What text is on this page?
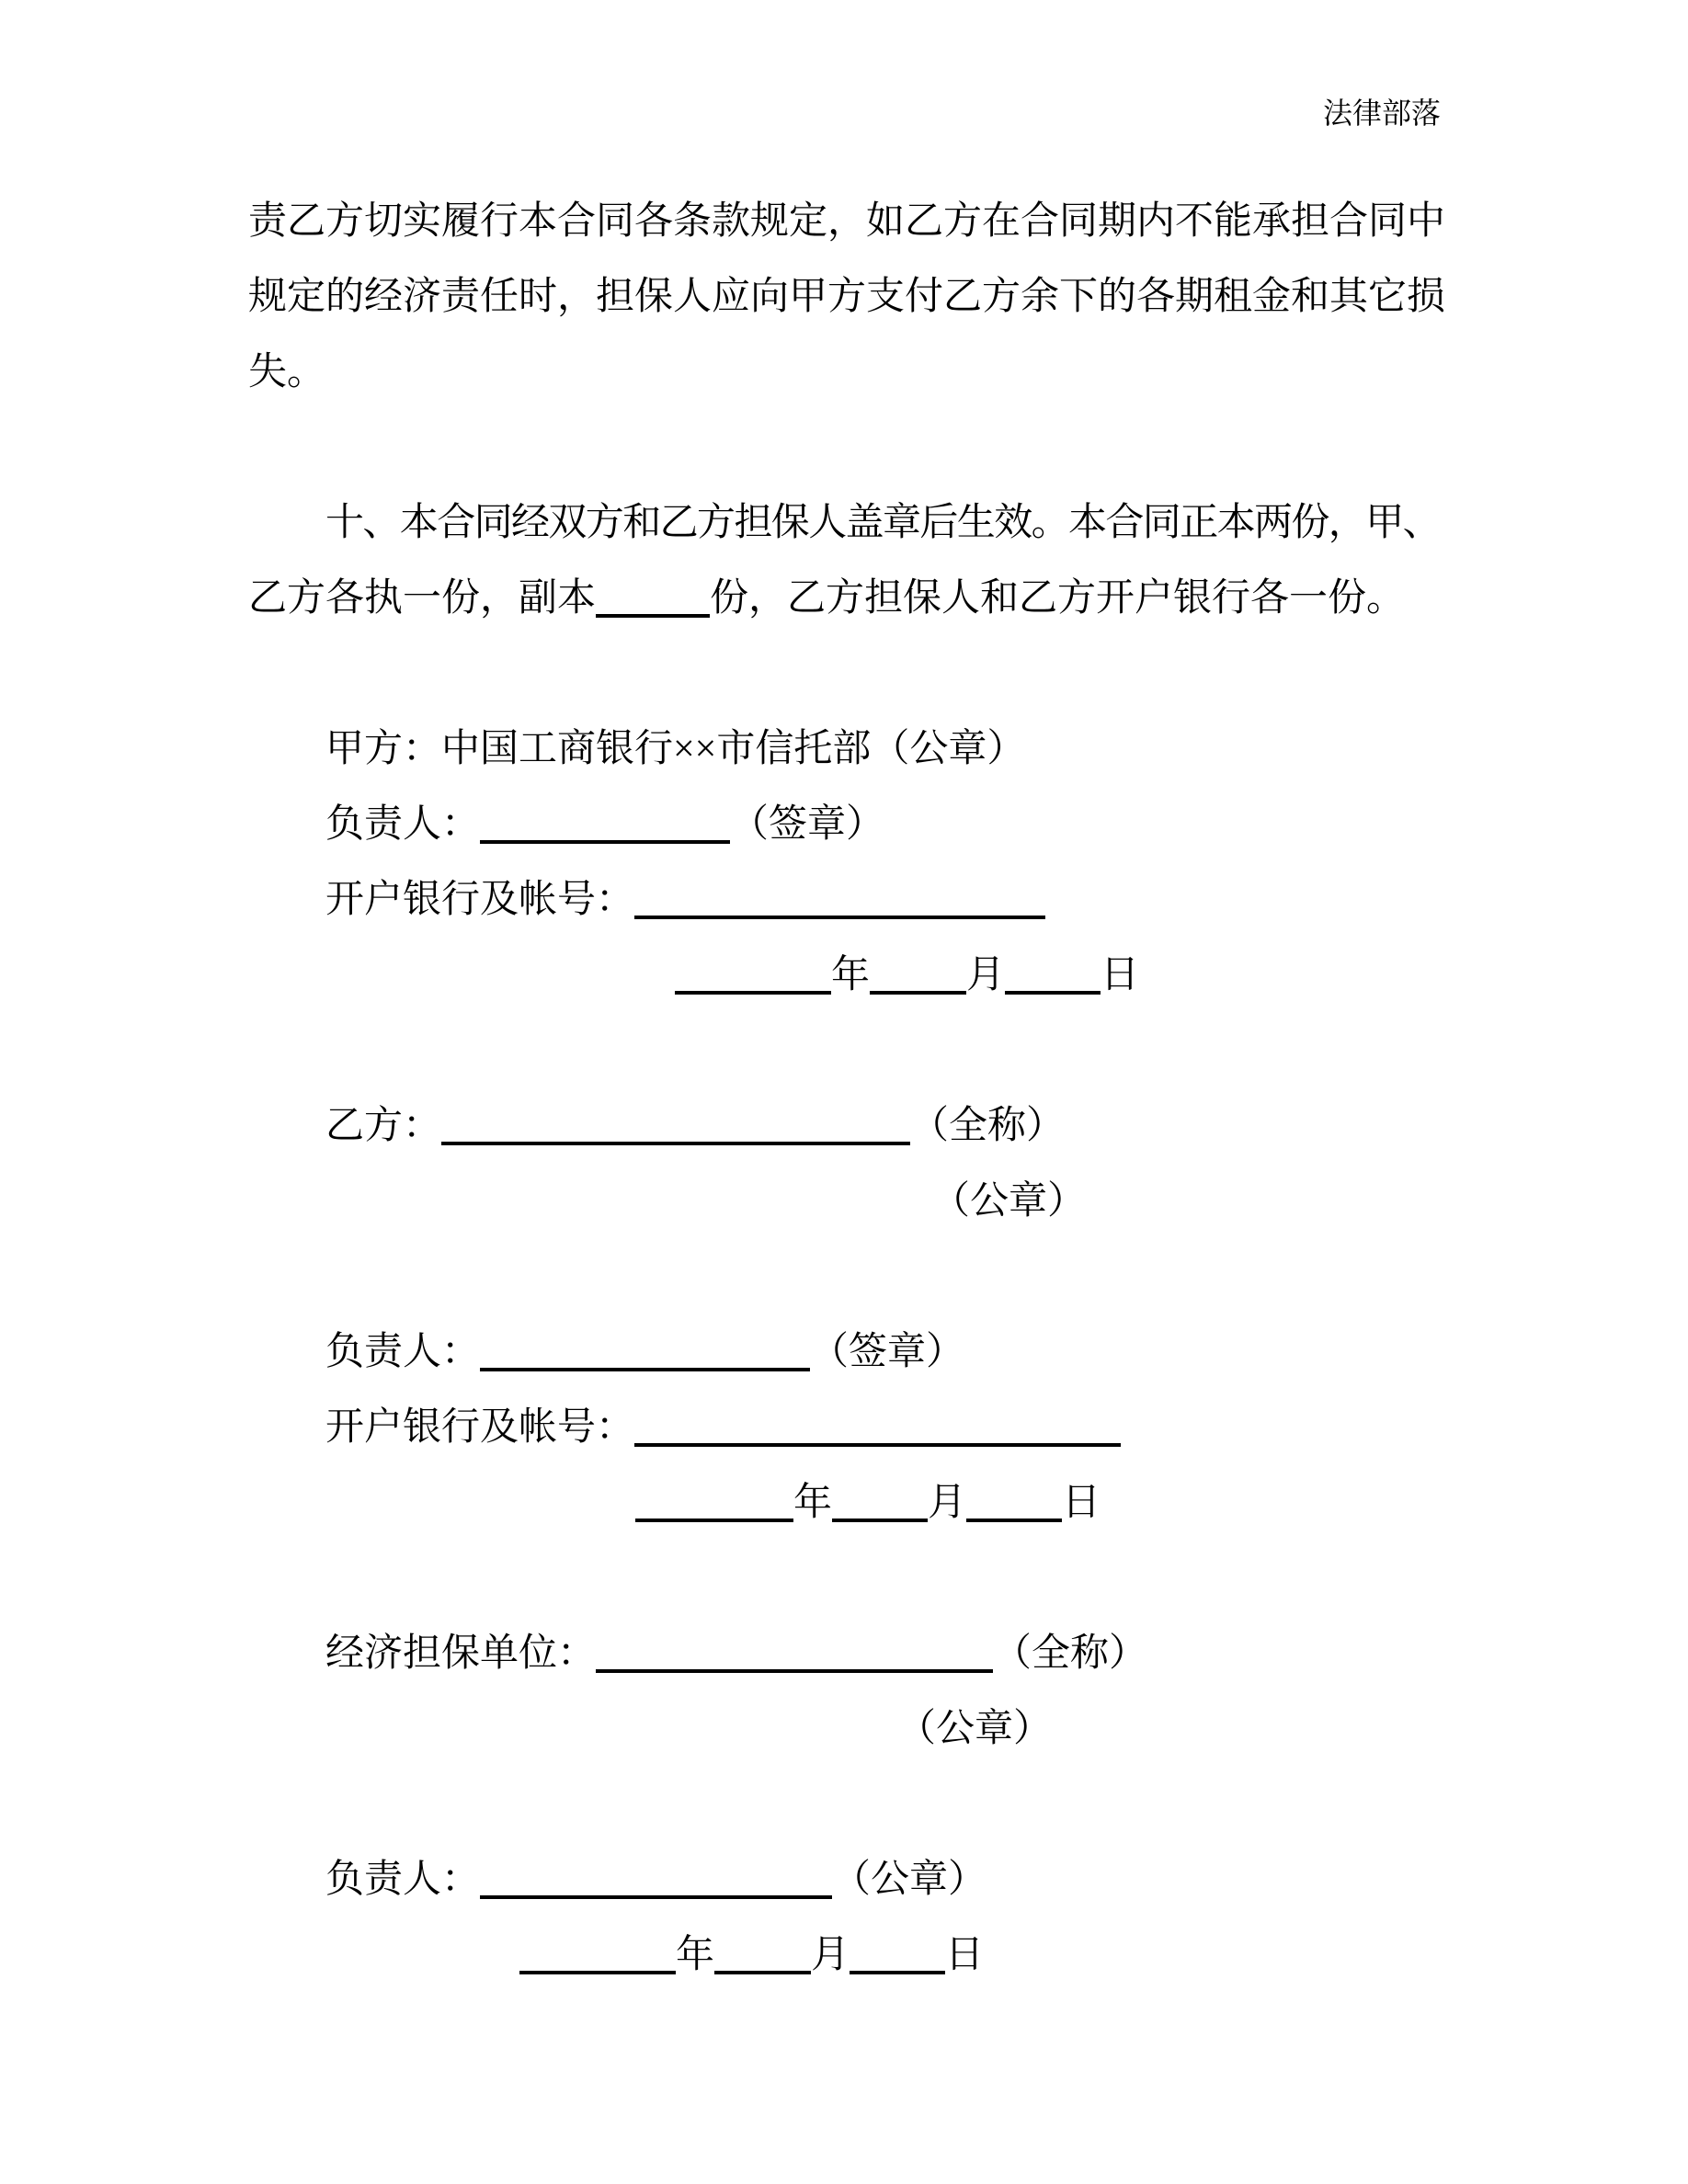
法律部落
责乙方切实履行本合同各条款规定，如乙方在合同期内不能承担合同中
规定的经济责任时，担保人应向甲方支付乙方余下的各期租金和其它损
失。
十、本合同经双方和乙方担保人盖章后生效。本合同正本两份，甲、
乙方各执一份，副本	份，乙方担保人和乙方开户银行各一份。
甲方：中国工商银行××市信托部（公章）
负责人：	（签章）
开户银行及帐号：
年	月 日
乙方：	（全称）
（公章）
负责人：	（签章）
开户银行及帐号：
年 月 日
经济担保单位：	（全称）
（公章）
负责人：	（公章）
年	月 日
